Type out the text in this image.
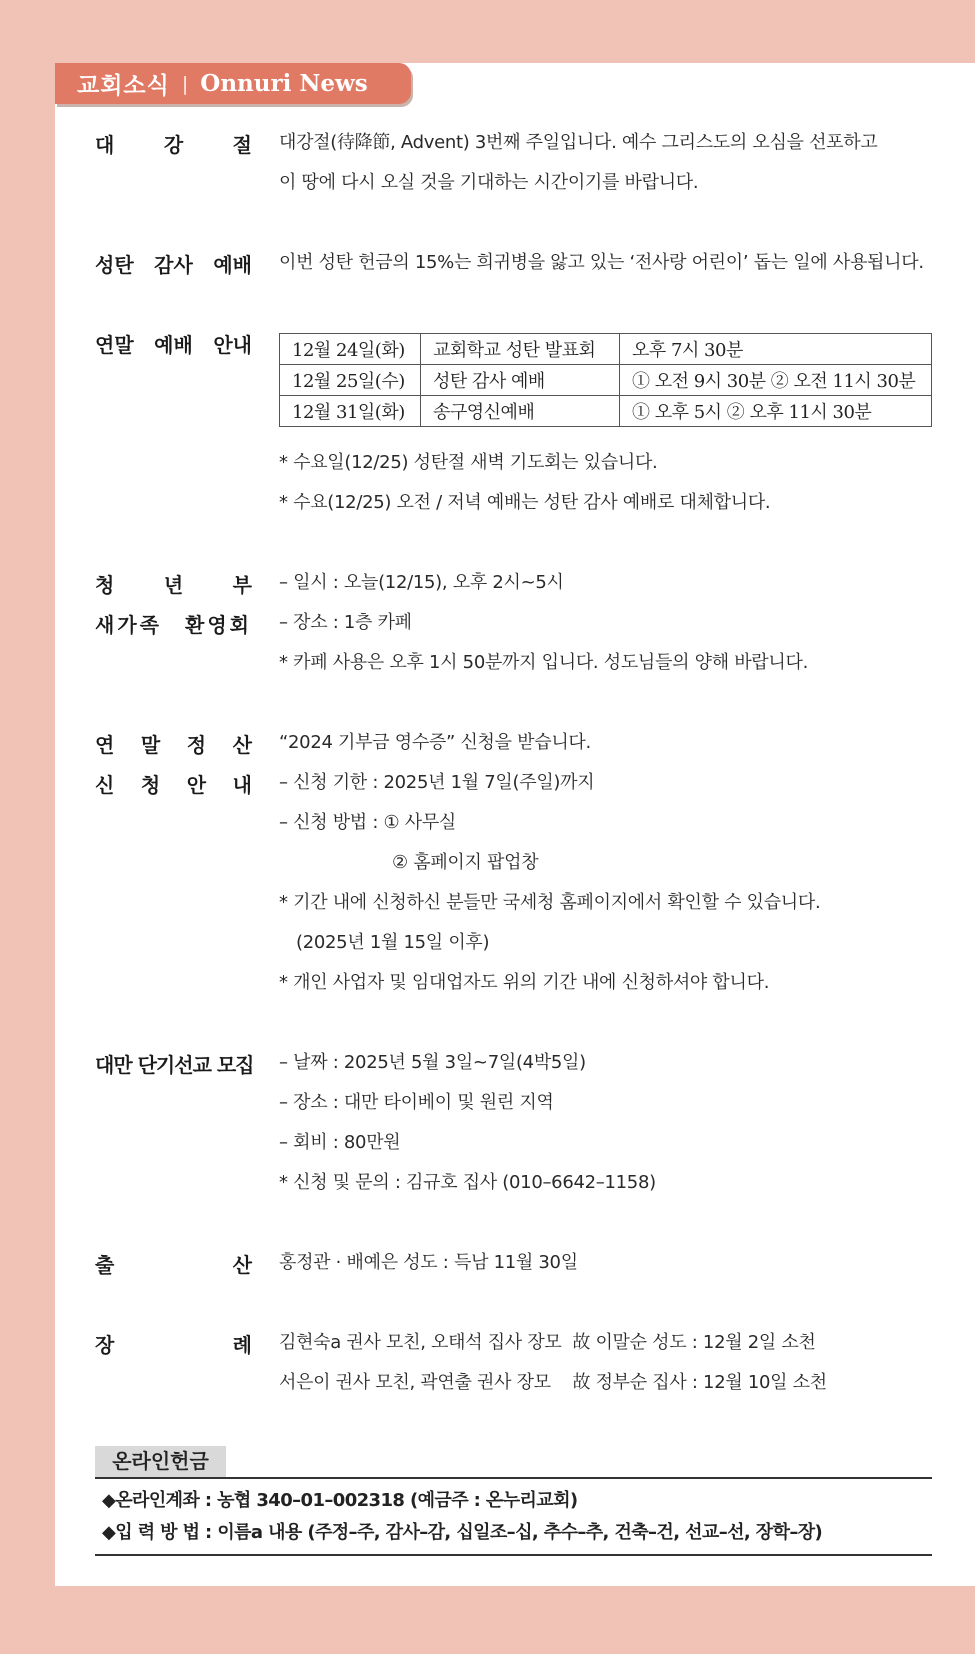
교회소식 | Onnuri News
대 강 절 대강절(待降節, Advent) 3번째 주일입니다. 예수 그리스도의 오심을 선포하고
이 땅에 다시 오실 것을 기대하는 시간이기를 바랍니다.
성탄 감사 예배 이번 성탄 헌금의 15%는 희귀병을 앓고 있는 ‘전사랑 어린이’ 돕는 일에 사용됩니다.
연말 예배 안내 12월 24일(화)	교회학교 성탄 발표회	오후 7시 30분
12월 25일(수)	성탄 감사 예배	① 오전 9시 30분 ② 오전 11시 30분
12월 31일(화)	송구영신예배	① 오후 5시 ② 오후 11시 30분
* 수요일(12/25) 성탄절 새벽 기도회는 있습니다.
* 수요(12/25) 오전 / 저녁 예배는 성탄 감사 예배로 대체합니다.
청 년 부
새가족 환영회
– 일시 : 오늘(12/15), 오후 2시~5시
– 장소 : 1층 카페
* 카페 사용은 오후 1시 50분까지 입니다. 성도님들의 양해 바랍니다.
연 말 정 산
신 청 안 내
“2024 기부금 영수증” 신청을 받습니다.
– 신청 기한 : 2025년 1월 7일(주일)까지
– 신청 방법 : ① 사무실
② 홈페이지 팝업창
* 기간 내에 신청하신 분들만 국세청 홈페이지에서 확인할 수 있습니다.
(2025년 1월 15일 이후)
* 개인 사업자 및 임대업자도 위의 기간 내에 신청하셔야 합니다.
대만 단기선교 모집 – 날짜 : 2025년 5월 3일~7일(4박5일)
– 장소 : 대만 타이베이 및 원린 지역
– 회비 : 80만원
* 신청 및 문의 : 김규호 집사 (010–6642–1158)
출	산 홍정관 · 배예은 성도 : 득남 11월 30일
장	례 김현숙a 권사 모친, 오태석 집사 장모  故 이말순 성도 : 12월 2일 소천
서은이 권사 모친, 곽연출 권사 장모    故 정부순 집사 : 12월 10일 소천
온라인헌금
◆온라인계좌 : 농협 340–01–002318 (예금주 : 온누리교회)
◆입 력 방 법 : 이름a 내용 (주정–주, 감사–감, 십일조–십, 추수–추, 건축–건, 선교–선, 장학–장)
